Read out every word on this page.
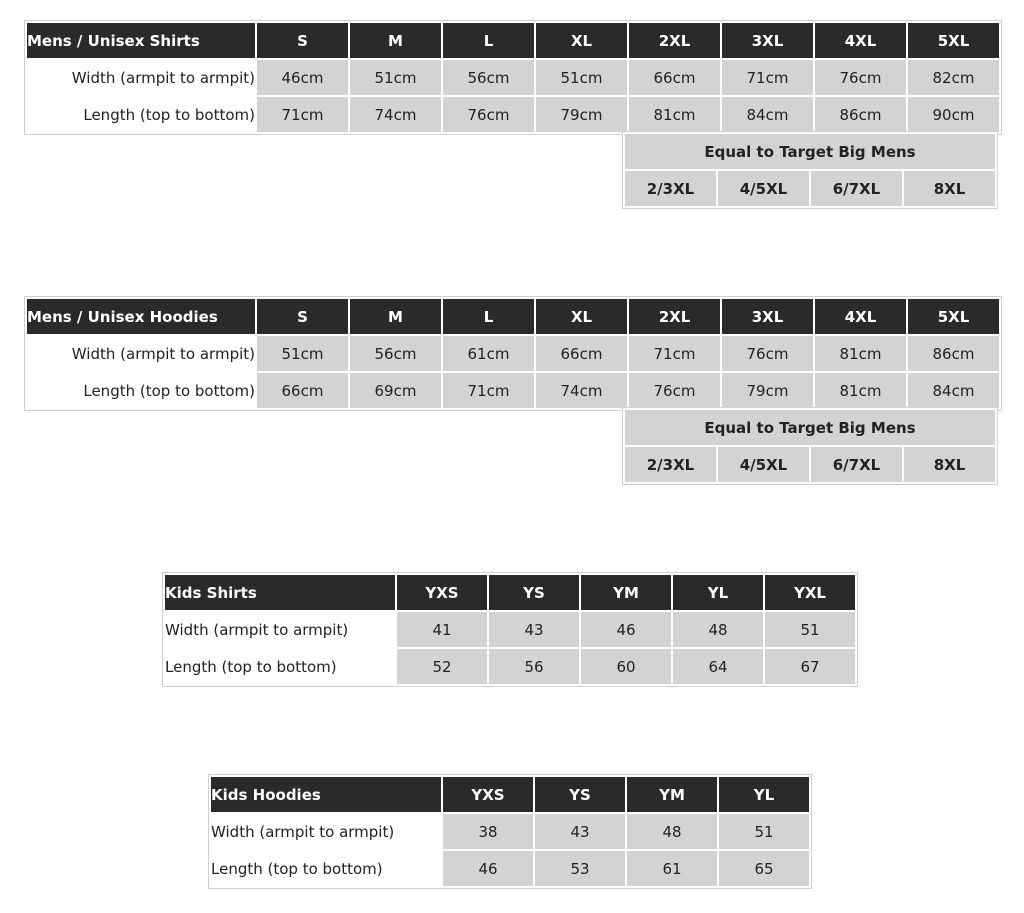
Mens / Unisex Shirts	S	M	L	XL	2XL	3XL	4XL	5XL
Width (armpit to armpit)	46cm	51cm	56cm	51cm	66cm	71cm	76cm	82cm
Length (top to bottom)	71cm	74cm	76cm	79cm	81cm	84cm	86cm	90cm
Equal to Target Big Mens
2/3XL	4/5XL	6/7XL	8XL
Mens / Unisex Hoodies	S	M	L	XL	2XL	3XL	4XL	5XL
Width (armpit to armpit)	51cm	56cm	61cm	66cm	71cm	76cm	81cm	86cm
Length (top to bottom)	66cm	69cm	71cm	74cm	76cm	79cm	81cm	84cm
Equal to Target Big Mens
2/3XL	4/5XL	6/7XL	8XL
Kids Shirts	YXS	YS	YM	YL	YXL
Width (armpit to armpit)	41	43	46	48	51
Length (top to bottom)	52	56	60	64	67
Kids Hoodies	YXS	YS	YM	YL
Width (armpit to armpit)	38	43	48	51
Length (top to bottom)	46	53	61	65
